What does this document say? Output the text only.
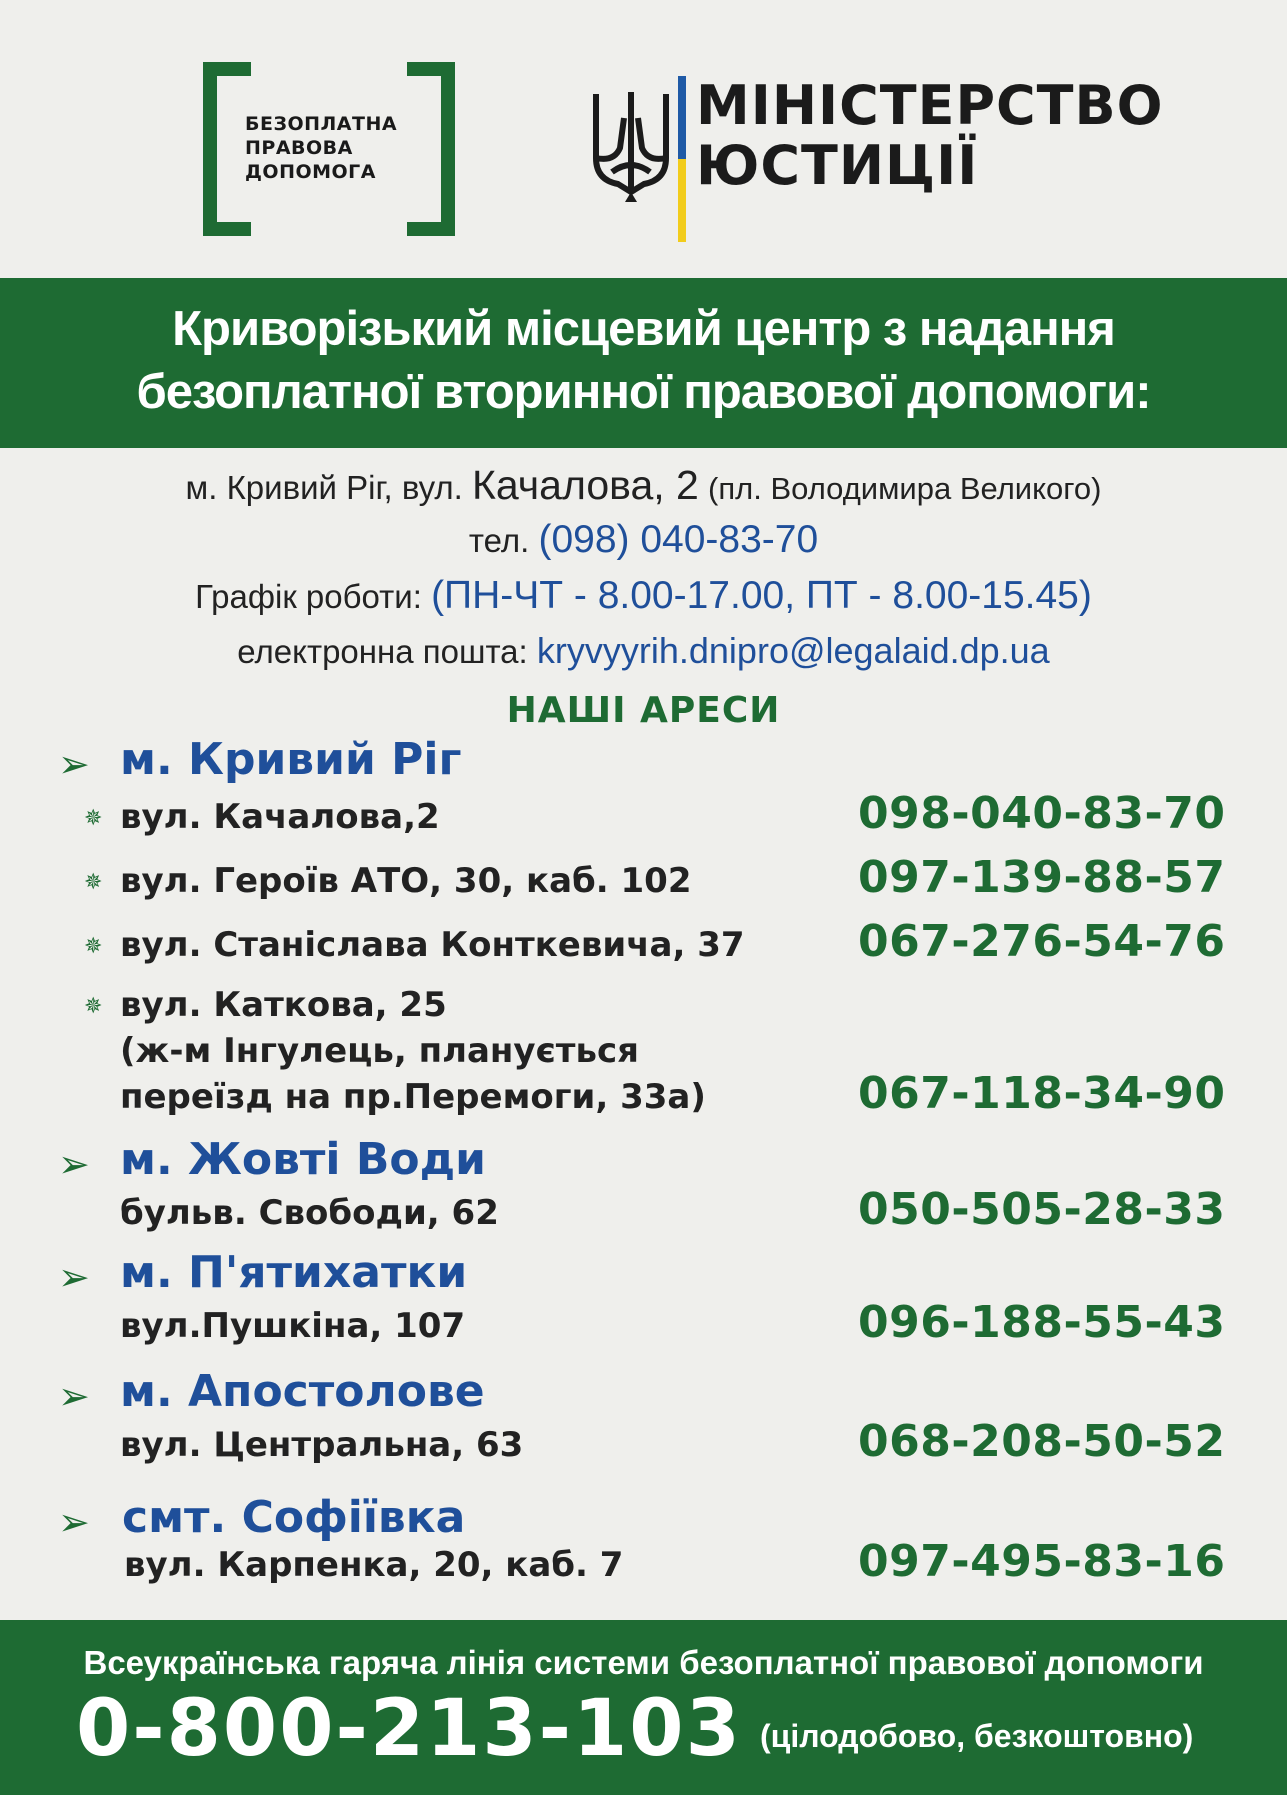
БЕЗОПЛАТНА
ПРАВОВА
ДОПОМОГА
МІНІСТЕРСТВО
ЮСТИЦІЇ
Криворізький місцевий центр з надання
безоплатної вторинної правової допомоги:
м. Кривий Ріг, вул. Качалова, 2 (пл. Володимира Великого)
тел. (098) 040-83-70
Графік роботи: (ПН-ЧТ - 8.00-17.00, ПТ - 8.00-15.45)
електронна пошта: kryvyyrih.dnipro@legalaid.dp.ua
НАШІ АРЕСИ
➢ м. Кривий Ріг
✵ вул. Качалова,2	098-040-83-70
✵ вул. Героїв АТО, 30, каб. 102	097-139-88-57
✵ вул. Станіслава Конткевича, 37	067-276-54-76
✵ вул. Каткова, 25
(ж-м Інгулець, планується
переїзд на пр.Перемоги, 33а)	067-118-34-90
➢ м. Жовті Води
бульв. Свободи, 62	050-505-28-33
➢ м. П'ятихатки
вул.Пушкіна, 107	096-188-55-43
➢ м. Апостолове
вул. Центральна, 63	068-208-50-52
➢ смт. Софіївка
вул. Карпенка, 20, каб. 7	097-495-83-16
Всеукраїнська гаряча лінія системи безоплатної правової допомоги
0-800-213-103 (цілодобово, безкоштовно)
